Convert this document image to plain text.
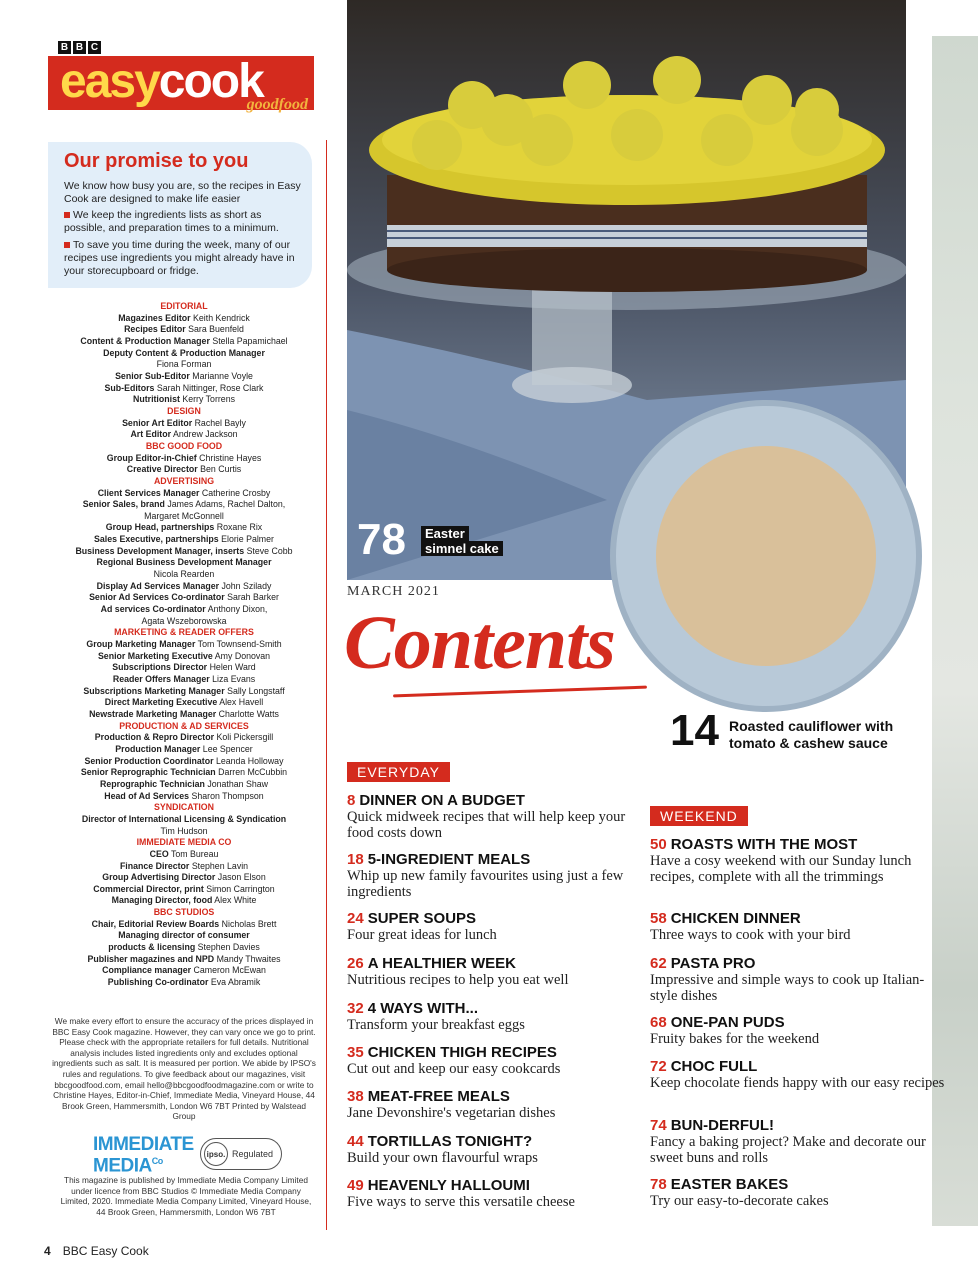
B B C
easycook
goodfood
Our promise to you

We know how busy you are, so the recipes in Easy Cook are designed to make life easier

We keep the ingredients lists as short as possible, and preparation times to a minimum.

To save you time during the week, many of our recipes use ingredients you might already have in your storecupboard or fridge.

EDITORIAL
Magazines Editor Keith Kendrick
Recipes Editor Sara Buenfeld
Content & Production Manager Stella Papamichael
Deputy Content & Production Manager
Fiona Forman
Senior Sub-Editor Marianne Voyle
Sub-Editors Sarah Nittinger, Rose Clark
Nutritionist Kerry Torrens
DESIGN
Senior Art Editor Rachel Bayly
Art Editor Andrew Jackson
BBC GOOD FOOD
Group Editor-in-Chief Christine Hayes
Creative Director Ben Curtis
ADVERTISING
Client Services Manager Catherine Crosby
Senior Sales, brand James Adams, Rachel Dalton,
Margaret McGonnell
Group Head, partnerships Roxane Rix
Sales Executive, partnerships Elorie Palmer
Business Development Manager, inserts Steve Cobb
Regional Business Development Manager
Nicola Rearden
Display Ad Services Manager John Szilady
Senior Ad Services Co-ordinator Sarah Barker
Ad services Co-ordinator Anthony Dixon,
Agata Wszeborowska
MARKETING & READER OFFERS
Group Marketing Manager Tom Townsend-Smith
Senior Marketing Executive Amy Donovan
Subscriptions Director Helen Ward
Reader Offers Manager Liza Evans
Subscriptions Marketing Manager Sally Longstaff
Direct Marketing Executive Alex Havell
Newstrade Marketing Manager Charlotte Watts
PRODUCTION & AD SERVICES
Production & Repro Director Koli Pickersgill
Production Manager Lee Spencer
Senior Production Coordinator Leanda Holloway
Senior Reprographic Technician Darren McCubbin
Reprographic Technician Jonathan Shaw
Head of Ad Services Sharon Thompson
SYNDICATION
Director of International Licensing & Syndication
Tim Hudson
IMMEDIATE MEDIA CO
CEO Tom Bureau
Finance Director Stephen Lavin
Group Advertising Director Jason Elson
Commercial Director, print Simon Carrington
Managing Director, food Alex White
BBC STUDIOS
Chair, Editorial Review Boards Nicholas Brett
Managing director of consumer
products & licensing Stephen Davies
Publisher magazines and NPD Mandy Thwaites
Compliance manager Cameron McEwan
Publishing Co-ordinator Eva Abramik
We make every effort to ensure the accuracy of the prices displayed in BBC Easy Cook magazine. However, they can vary once we go to print. Please check with the appropriate retailers for full details. Nutritional analysis includes listed ingredients only and excludes optional ingredients such as salt. It is measured per portion. We abide by IPSO's rules and regulations. To give feedback about our magazines, visit bbcgoodfood.com, email hello@bbcgoodfoodmagazine.com or write to Christine Hayes, Editor-in-Chief, Immediate Media, Vineyard House, 44 Brook Green, Hammersmith, London W6 7BT Printed by Walstead Group
IMMEDIATE
$MEDIA^{Co}$
ipso. Regulated
This magazine is published by Immediate Media Company Limited under licence from BBC Studios © Immediate Media Company Limited, 2020. Immediate Media Company Limited, Vineyard House, 44 Brook Green, Hammersmith, London W6 7BT
4 BBC Easy Cook
78	Easter
simnel cake
MARCH 2021
Contents
14 Roasted cauliflower with
tomato & cashew sauce
EVERYDAY
WEEKEND
8 DINNER ON A BUDGET
Quick midweek recipes that will help keep your food costs down
18 5-INGREDIENT MEALS
Whip up new family favourites using just a few ingredients
24 SUPER SOUPS
Four great ideas for lunch
26 A HEALTHIER WEEK
Nutritious recipes to help you eat well
32 4 WAYS WITH...
Transform your breakfast eggs
35 CHICKEN THIGH RECIPES
Cut out and keep our easy cookcards
38 MEAT-FREE MEALS
Jane Devonshire's vegetarian dishes
44 TORTILLAS TONIGHT?
Build your own flavourful wraps
49 HEAVENLY HALLOUMI
Five ways to serve this versatile cheese
50 ROASTS WITH THE MOST
Have a cosy weekend with our Sunday lunch recipes, complete with all the trimmings
58 CHICKEN DINNER
Three ways to cook with your bird
62 PASTA PRO
Impressive and simple ways to cook up Italian-style dishes
68 ONE-PAN PUDS
Fruity bakes for the weekend
72 CHOC FULL
Keep chocolate fiends happy with our easy recipes
74 BUN-DERFUL!
Fancy a baking project? Make and decorate our sweet buns and rolls
78 EASTER BAKES
Try our easy-to-decorate cakes
